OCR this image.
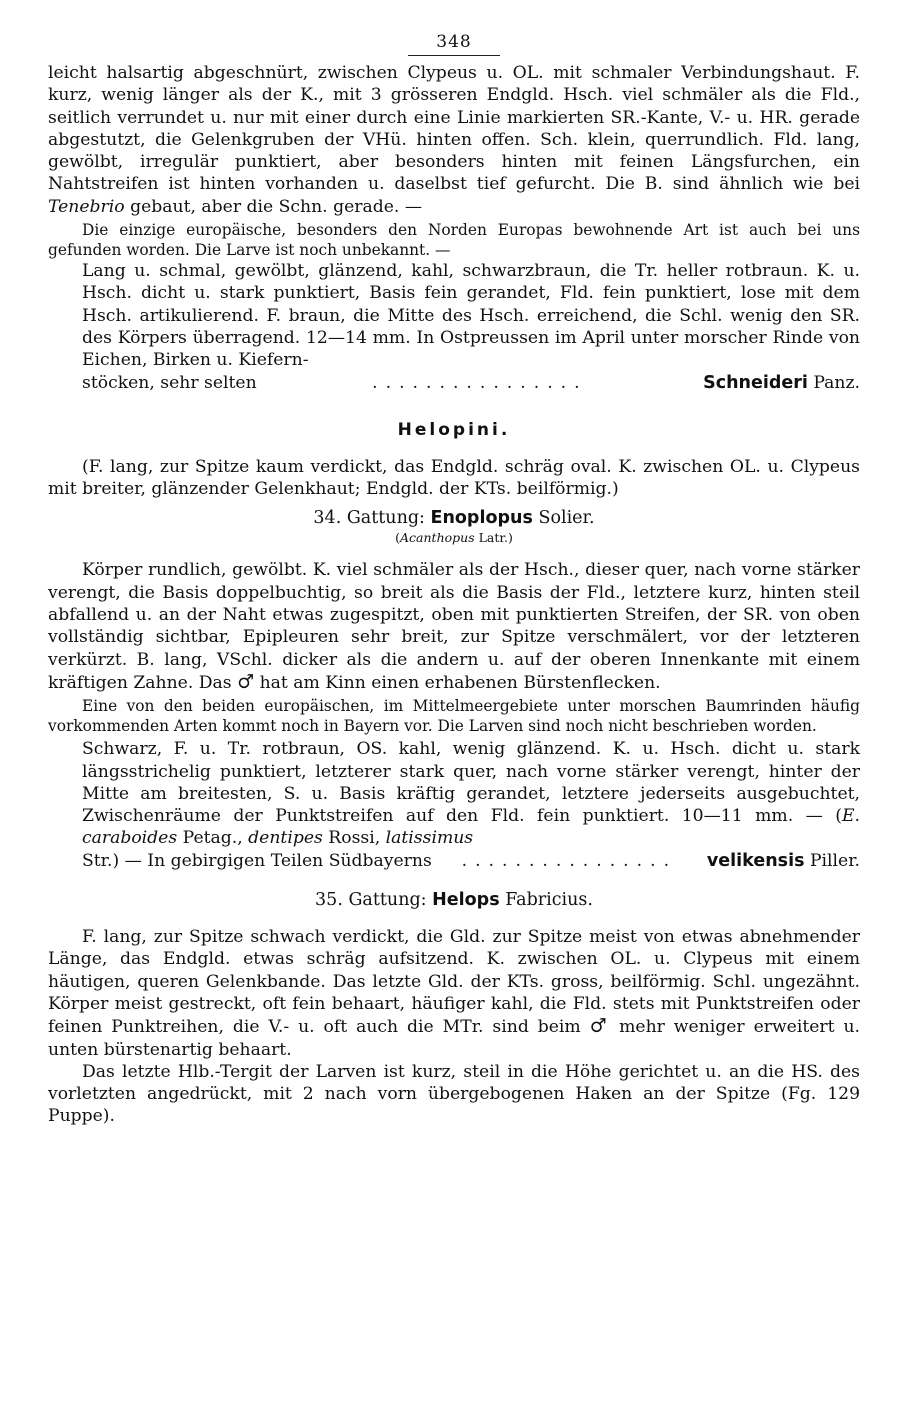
348

leicht halsartig abgeschnürt, zwischen Clypeus u. OL. mit schmaler Verbindungshaut. F. kurz, wenig länger als der K., mit 3 grösseren Endgld. Hsch. viel schmäler als die Fld., seitlich verrundet u. nur mit einer durch eine Linie markierten SR.-Kante, V.- u. HR. gerade abgestutzt, die Gelenkgruben der VHü. hinten offen. Sch. klein, querrundlich. Fld. lang, gewölbt, irregulär punktiert, aber besonders hinten mit feinen Längsfurchen, ein Nahtstreifen ist hinten vorhanden u. daselbst tief gefurcht. Die B. sind ähnlich wie bei Tenebrio gebaut, aber die Schn. gerade. —

Die einzige europäische, besonders den Norden Europas bewohnende Art ist auch bei uns gefunden worden. Die Larve ist noch unbekannt. —

Lang u. schmal, gewölbt, glänzend, kahl, schwarzbraun, die Tr. heller rotbraun. K. u. Hsch. dicht u. stark punktiert, Basis fein gerandet, Fld. fein punktiert, lose mit dem Hsch. artikulierend. F. braun, die Mitte des Hsch. erreichend, die Schl. wenig den SR. des Körpers überragend. 12—14 mm. In Ostpreussen im April unter morscher Rinde von Eichen, Birken u. Kiefern-

stöcken, sehr selten	................	Schneideri Panz.

Helopini.

(F. lang, zur Spitze kaum verdickt, das Endgld. schräg oval. K. zwischen OL. u. Clypeus mit breiter, glänzender Gelenkhaut; Endgld. der KTs. beilförmig.)

34. Gattung: Enoplopus Solier.

(Acanthopus Latr.)

Körper rundlich, gewölbt. K. viel schmäler als der Hsch., dieser quer, nach vorne stärker verengt, die Basis doppelbuchtig, so breit als die Basis der Fld., letztere kurz, hinten steil abfallend u. an der Naht etwas zugespitzt, oben mit punktierten Streifen, der SR. von oben vollständig sichtbar, Epipleuren sehr breit, zur Spitze verschmälert, vor der letzteren verkürzt. B. lang, VSchl. dicker als die andern u. auf der oberen Innenkante mit einem kräftigen Zahne. Das ♂ hat am Kinn einen erhabenen Bürstenflecken.

Eine von den beiden europäischen, im Mittelmeergebiete unter morschen Baumrinden häufig vorkommenden Arten kommt noch in Bayern vor. Die Larven sind noch nicht beschrieben worden.

Schwarz, F. u. Tr. rotbraun, OS. kahl, wenig glänzend. K. u. Hsch. dicht u. stark längsstrichelig punktiert, letzterer stark quer, nach vorne stärker verengt, hinter der Mitte am breitesten, S. u. Basis kräftig gerandet, letztere jederseits ausgebuchtet, Zwischenräume der Punktstreifen auf den Fld. fein punktiert. 10—11 mm. — (E. caraboides Petag., dentipes Rossi, latissimus

Str.) — In gebirgigen Teilen Südbayerns	................	velikensis Piller.

35. Gattung: Helops Fabricius.

F. lang, zur Spitze schwach verdickt, die Gld. zur Spitze meist von etwas abnehmender Länge, das Endgld. etwas schräg aufsitzend. K. zwischen OL. u. Clypeus mit einem häutigen, queren Gelenkbande. Das letzte Gld. der KTs. gross, beilförmig. Schl. ungezähnt. Körper meist gestreckt, oft fein behaart, häufiger kahl, die Fld. stets mit Punktstreifen oder feinen Punktreihen, die V.- u. oft auch die MTr. sind beim ♂ mehr weniger erweitert u. unten bürstenartig behaart.

Das letzte Hlb.-Tergit der Larven ist kurz, steil in die Höhe gerichtet u. an die HS. des vorletzten angedrückt, mit 2 nach vorn übergebogenen Haken an der Spitze (Fg. 129 Puppe).
